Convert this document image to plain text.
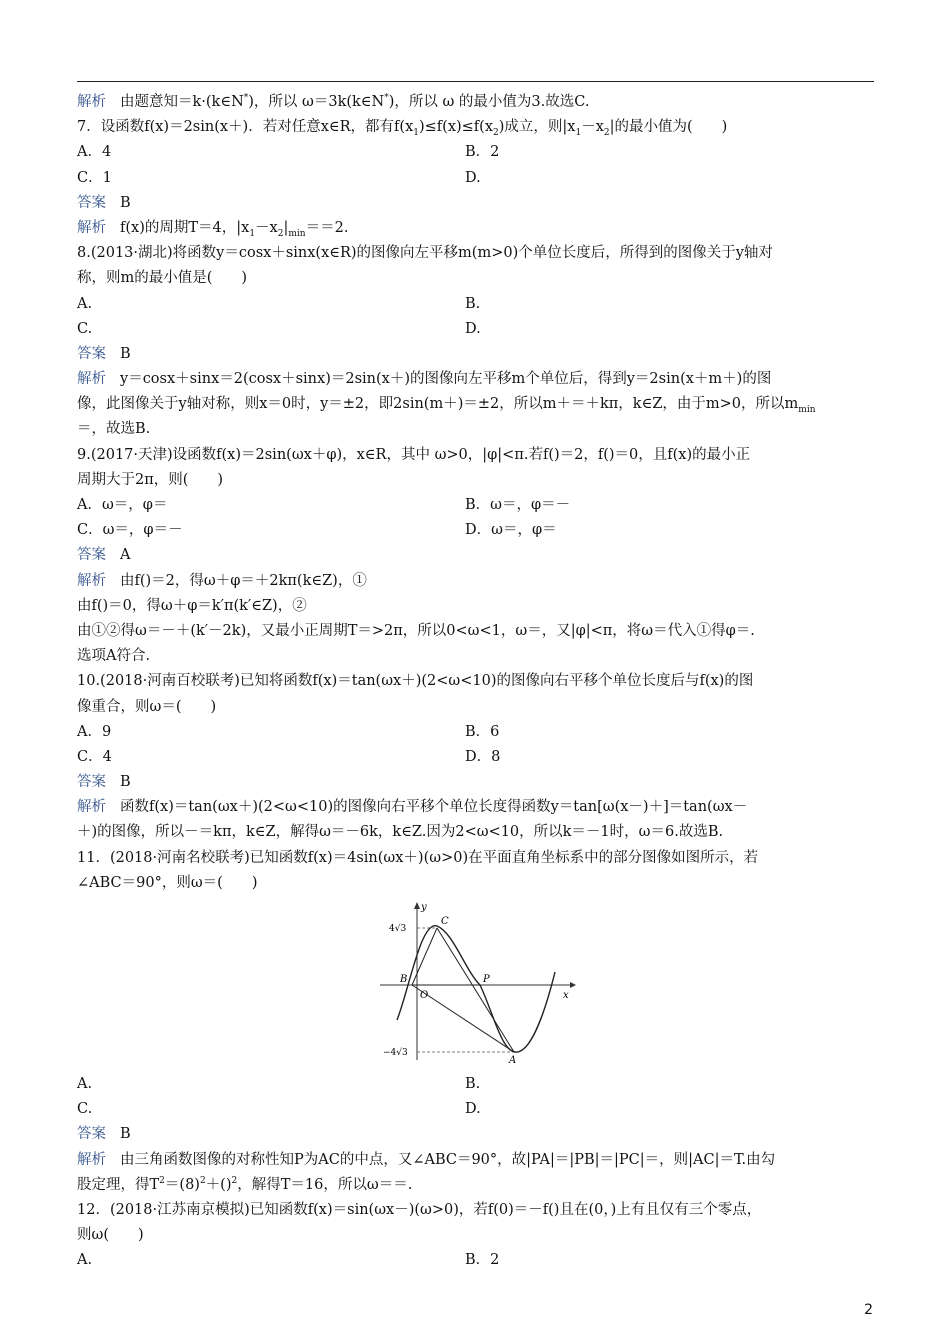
解析 由题意知＝k·(k∈N*)，所以 ω＝3k(k∈N*)，所以 ω 的最小值为3.故选C.
7．设函数f(x)＝2sin(x＋)．若对任意x∈R，都有$f(x_1)\le f(x)\le f(x_2)$成立，则$|x_1-x_2|$的最小值为(　　)
A．4	B．2
C．1	D.
答案 B
解析 f(x)的周期T＝4，$|x_1-x_2|_{min}==2$.
8.(2013·湖北)将函数y＝cosx＋sinx(x∈R)的图像向左平移m(m>0)个单位长度后，所得到的图像关于y轴对
称，则m的最小值是(　　)
A.	B.
C.	D.
答案 B
解析 y＝cosx＋sinx＝2(cosx＋sinx)＝2sin(x＋)的图像向左平移m个单位后，得到y＝2sin(x＋m＋)的图
像，此图像关于y轴对称，则x＝0时，y＝±2，即2sin(m＋)＝±2，所以m＋＝＋kπ，k∈Z，由于m>0，所以$m_{min}$
＝，故选B.
9.(2017·天津)设函数f(x)＝2sin(ωx＋φ)，x∈R，其中 ω>0，|φ|<π.若f()＝2，f()＝0，且f(x)的最小正
周期大于2π，则(　　)
A．ω＝，φ＝	B．ω＝，φ＝－
C．ω＝，φ＝－	D．ω＝，φ＝
答案 A
解析 由f()＝2，得ω＋φ＝＋2kπ(k∈Z)，①
由f()＝0，得ω＋φ＝k′π(k′∈Z)，②
由①②得ω＝－＋(k′－2k)，又最小正周期T＝>2π，所以0<ω<1，ω＝，又|φ|<π，将ω＝代入①得φ＝.
选项A符合.
10.(2018·河南百校联考)已知将函数f(x)＝tan(ωx＋)(2<ω<10)的图像向右平移个单位长度后与f(x)的图
像重合，则ω＝(　　)
A．9	B．6
C．4	D．8
答案 B
解析 函数f(x)＝tan(ωx＋)(2<ω<10)的图像向右平移个单位长度得函数y＝tan[ω(x－)＋]＝tan(ωx－
＋)的图像，所以－＝kπ，k∈Z，解得ω＝－6k，k∈Z.因为2<ω<10，所以k＝－1时，ω＝6.故选B.
11．(2018·河南名校联考)已知函数f(x)＝4sin(ωx＋)(ω>0)在平面直角坐标系中的部分图像如图所示，若
∠ABC＝90°，则ω＝(　　)
y
x
4√3
−4√3
B
O
P
C
A
A.	B.
C.	D.
答案 B
解析 由三角函数图像的对称性知P为AC的中点，又∠ABC＝90°，故|PA|＝|PB|＝|PC|＝，则|AC|＝T.由勾
股定理，得$T^2=(8)^2+()^2$，解得T＝16，所以ω＝＝.
12．(2018·江苏南京模拟)已知函数f(x)＝sin(ωx－)(ω>0)，若f(0)＝－f()且在(0，)上有且仅有三个零点，
则ω(　　)
A.	B．2
2
